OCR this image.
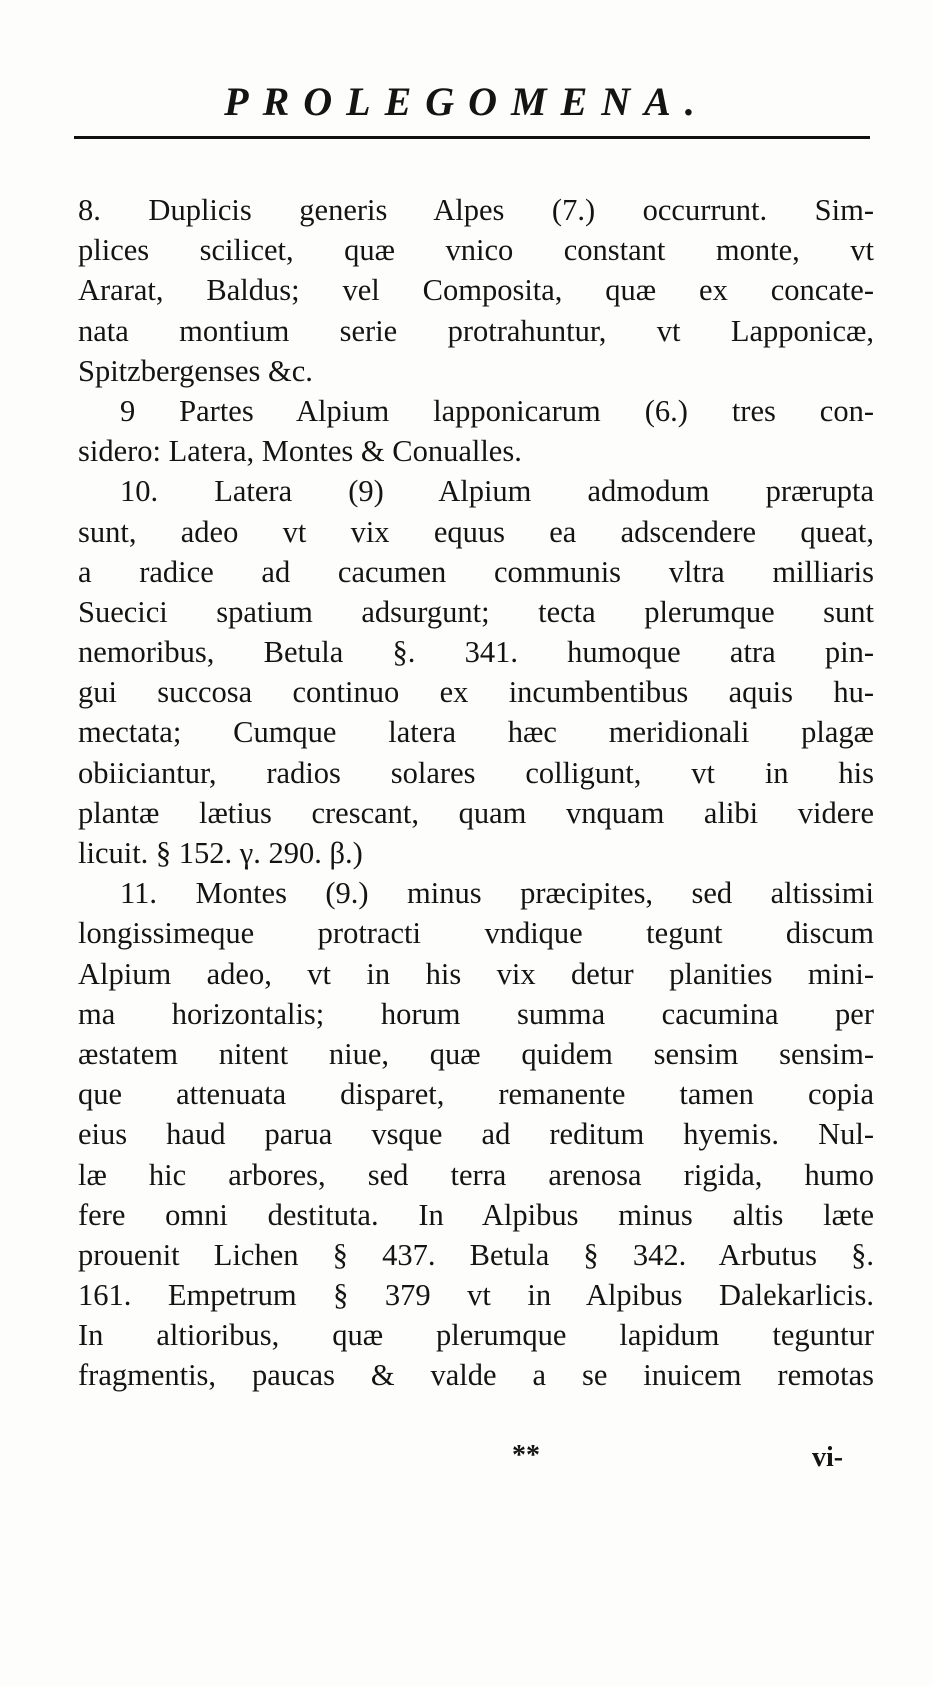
PROLEGOMENA.
8. Duplicis generis Alpes (7.) occurrunt. Sim-
plices scilicet, quæ vnico constant monte, vt
Ararat, Baldus; vel Composita, quæ ex concate-
nata montium serie protrahuntur, vt Lapponicæ,
Spitzbergenses &c.
9 Partes Alpium lapponicarum (6.) tres con-
sidero: Latera, Montes & Conualles.
10. Latera (9) Alpium admodum prærupta
sunt, adeo vt vix equus ea adscendere queat,
a radice ad cacumen communis vltra milliaris
Suecici spatium adsurgunt; tecta plerumque sunt
nemoribus, Betula §. 341. humoque atra pin-
gui succosa continuo ex incumbentibus aquis hu-
mectata; Cumque latera hæc meridionali plagæ
obiiciantur, radios solares colligunt, vt in his
plantæ lætius crescant, quam vnquam alibi videre
licuit. § 152. γ. 290. β.)
11. Montes (9.) minus præcipites, sed altissimi
longissimeque protracti vndique tegunt discum
Alpium adeo, vt in his vix detur planities mini-
ma horizontalis; horum summa cacumina per
æstatem nitent niue, quæ quidem sensim sensim-
que attenuata disparet, remanente tamen copia
eius haud parua vsque ad reditum hyemis. Nul-
læ hic arbores, sed terra arenosa rigida, humo
fere omni destituta. In Alpibus minus altis læte
prouenit Lichen § 437. Betula § 342. Arbutus §.
161. Empetrum § 379 vt in Alpibus Dalekarlicis.
In altioribus, quæ plerumque lapidum teguntur
fragmentis, paucas & valde a se inuicem remotas
**	vi-
